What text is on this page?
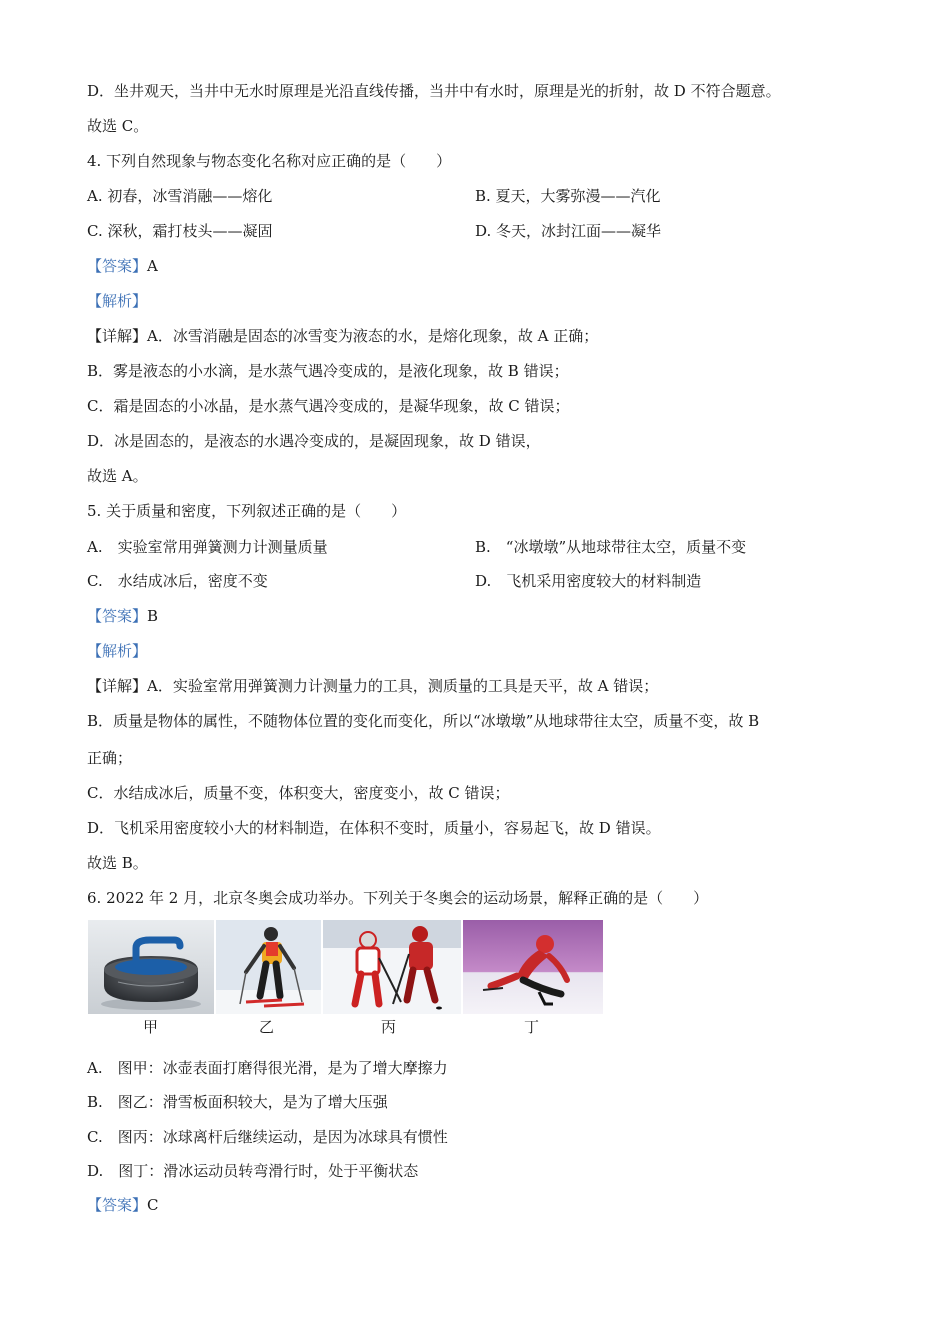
D．坐井观天，当井中无水时原理是光沿直线传播，当井中有水时，原理是光的折射，故 D 不符合题意。
故选 C。
4. 下列自然现象与物态变化名称对应正确的是（　　）
A. 初春，冰雪消融——熔化	B. 夏天，大雾弥漫——汽化
C. 深秋，霜打枝头——凝固	D. 冬天，冰封江面——凝华
【答案】A
【解析】
【详解】A．冰雪消融是固态的冰雪变为液态的水，是熔化现象，故 A 正确；
B．雾是液态的小水滴，是水蒸气遇冷变成的，是液化现象，故 B 错误；
C．霜是固态的小冰晶，是水蒸气遇冷变成的，是凝华现象，故 C 错误；
D．冰是固态的，是液态的水遇冷变成的，是凝固现象，故 D 错误，
故选 A。
5. 关于质量和密度，下列叙述正确的是（　　）
A.　实验室常用弹簧测力计测量质量	B.　“冰墩墩”从地球带往太空，质量不变
C.　水结成冰后，密度不变	D.　飞机采用密度较大的材料制造
【答案】B
【解析】
【详解】A．实验室常用弹簧测力计测量力的工具，测质量的工具是天平，故 A 错误；
B．质量是物体的属性，不随物体位置的变化而变化，所以“冰墩墩”从地球带往太空，质量不变，故 B
正确；
C．水结成冰后，质量不变，体积变大，密度变小，故 C 错误；
D．飞机采用密度较小大的材料制造，在体积不变时，质量小，容易起飞，故 D 错误。
故选 B。
6. 2022 年 2 月，北京冬奥会成功举办。下列关于冬奥会的运动场景，解释正确的是（　　）
甲	乙	丙	丁
A.　图甲：冰壶表面打磨得很光滑，是为了增大摩擦力
B.　图乙：滑雪板面积较大，是为了增大压强
C.　图丙：冰球离杆后继续运动，是因为冰球具有惯性
D.　图丁：滑冰运动员转弯滑行时，处于平衡状态
【答案】C
